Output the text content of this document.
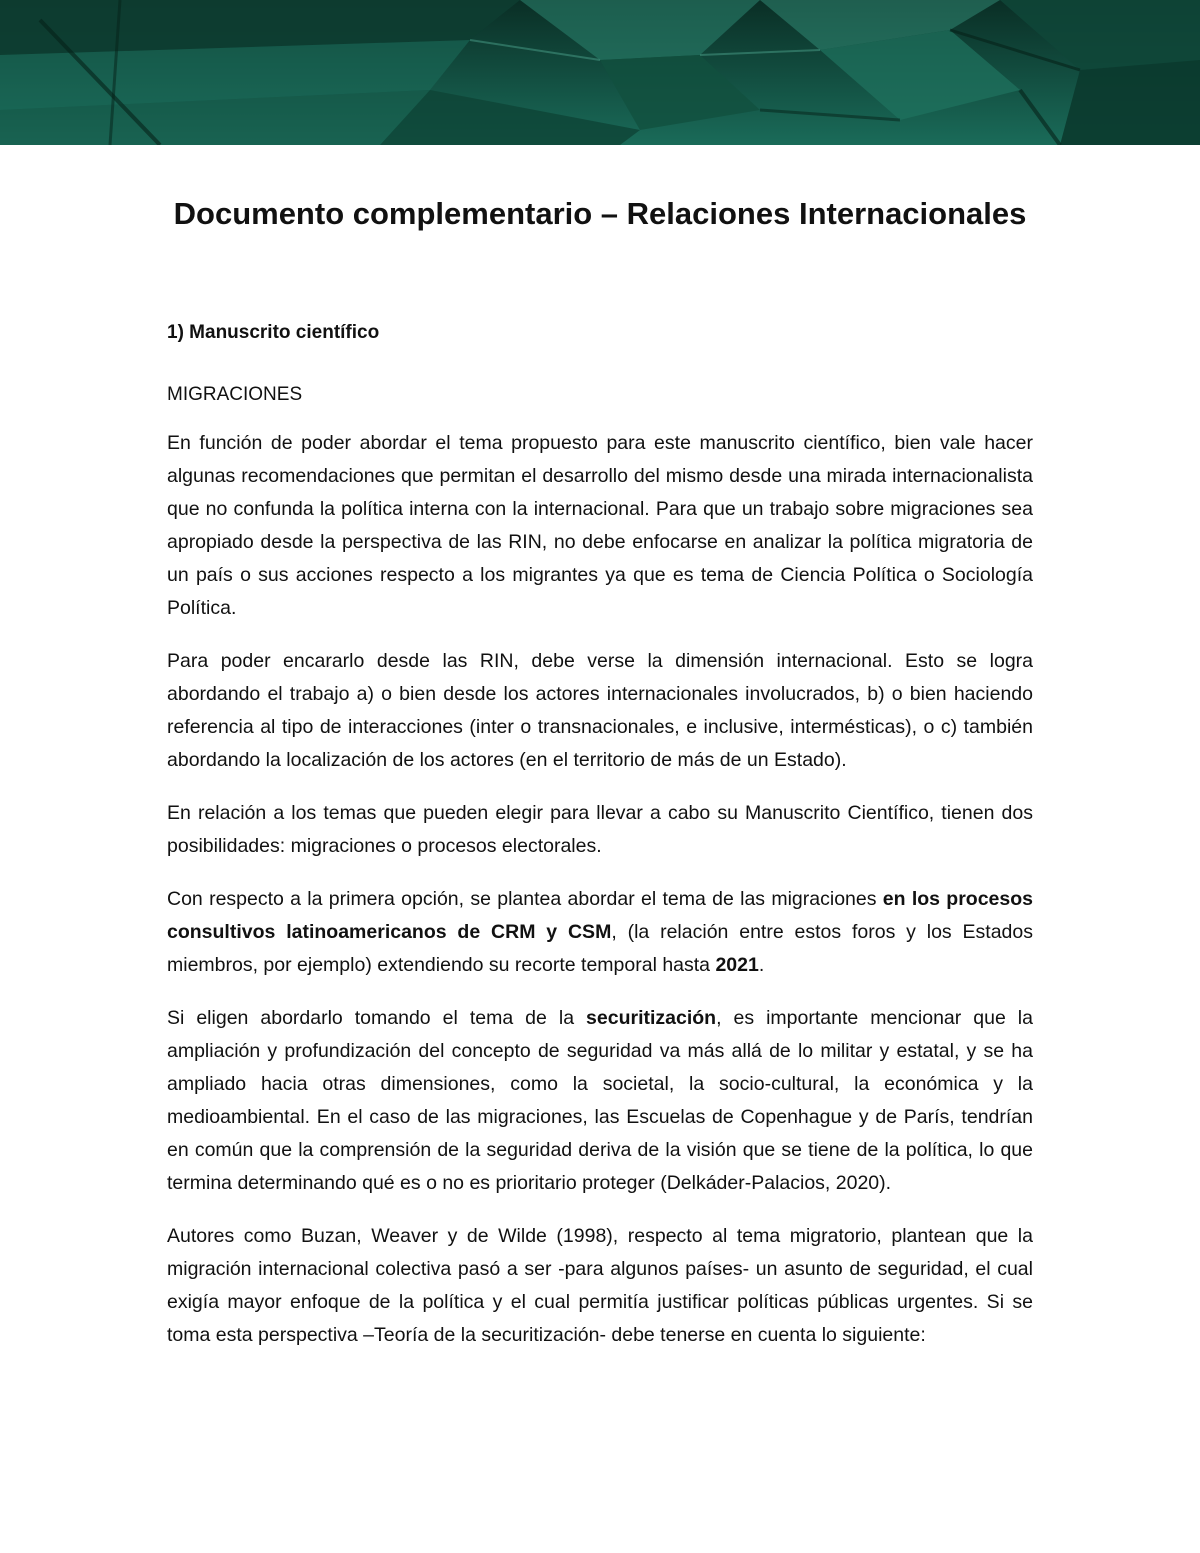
Documento complementario – Relaciones Internacionales
1) Manuscrito científico
MIGRACIONES

En función de poder abordar el tema propuesto para este manuscrito científico, bien vale hacer algunas recomendaciones que permitan el desarrollo del mismo desde una mirada internacionalista que no confunda la política interna con la internacional. Para que un trabajo sobre migraciones sea apropiado desde la perspectiva de las RIN, no debe enfocarse en analizar la política migratoria de un país o sus acciones respecto a los migrantes ya que es tema de Ciencia Política o Sociología Política.

Para poder encararlo desde las RIN, debe verse la dimensión internacional. Esto se logra abordando el trabajo a) o bien desde los actores internacionales involucrados, b) o bien haciendo referencia al tipo de interacciones (inter o transnacionales, e inclusive, intermésticas), o c) también abordando la localización de los actores (en el territorio de más de un Estado).

En relación a los temas que pueden elegir para llevar a cabo su Manuscrito Científico, tienen dos posibilidades: migraciones o procesos electorales.

Con respecto a la primera opción, se plantea abordar el tema de las migraciones en los procesos consultivos latinoamericanos de CRM y CSM, (la relación entre estos foros y los Estados miembros, por ejemplo) extendiendo su recorte temporal hasta 2021.

Si eligen abordarlo tomando el tema de la securitización, es importante mencionar que la ampliación y profundización del concepto de seguridad va más allá de lo militar y estatal, y se ha ampliado hacia otras dimensiones, como la societal, la socio-cultural, la económica y la medioambiental. En el caso de las migraciones, las Escuelas de Copenhague y de París, tendrían en común que la comprensión de la seguridad deriva de la visión que se tiene de la política, lo que termina determinando qué es o no es prioritario proteger (Delkáder-Palacios, 2020).

Autores como Buzan, Weaver y de Wilde (1998), respecto al tema migratorio, plantean que la migración internacional colectiva pasó a ser -para algunos países- un asunto de seguridad, el cual exigía mayor enfoque de la política y el cual permitía justificar políticas públicas urgentes. Si se toma esta perspectiva –Teoría de la securitización- debe tenerse en cuenta lo siguiente:
